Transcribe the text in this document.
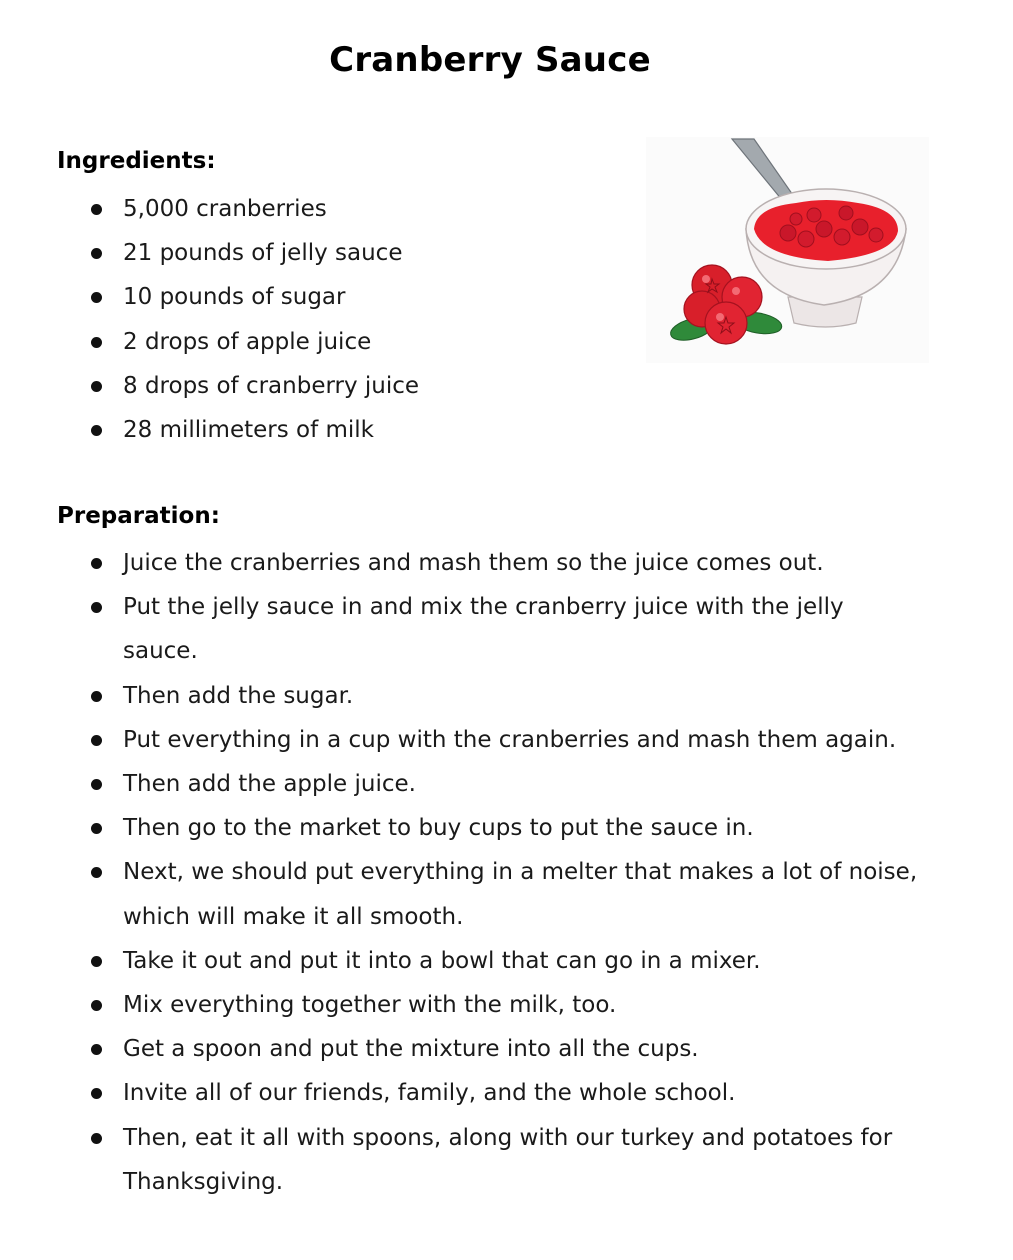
Cranberry Sauce
Ingredients:
5,000 cranberries
21 pounds of jelly sauce
10 pounds of sugar
2 drops of apple juice
8 drops of cranberry juice
28 millimeters of milk
Preparation:
Juice the cranberries and mash them so the juice comes out.
Put the jelly sauce in and mix the cranberry juice with the jelly sauce.
Then add the sugar.
Put everything in a cup with the cranberries and mash them again.
Then add the apple juice.
Then go to the market to buy cups to put the sauce in.
Next, we should put everything in a melter that makes a lot of noise, which will make it all smooth.
Take it out and put it into a bowl that can go in a mixer.
Mix everything together with the milk, too.
Get a spoon and put the mixture into all the cups.
Invite all of our friends, family, and the whole school.
Then, eat it all with spoons, along with our turkey and potatoes for Thanksgiving.
